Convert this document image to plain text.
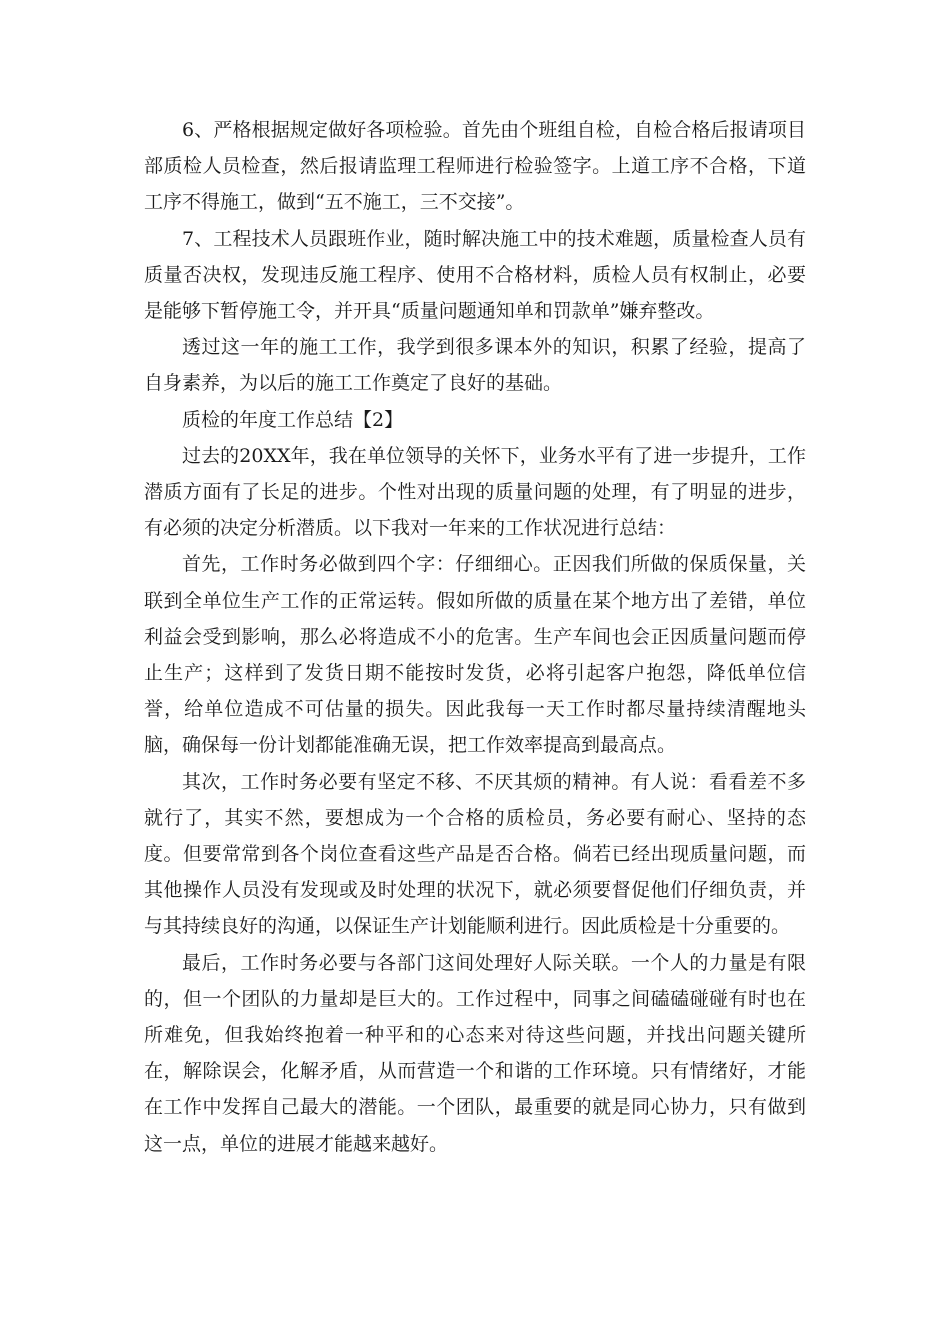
6、严格根据规定做好各项检验。首先由个班组自检，自检合格后报请项目部质检人员检查，然后报请监理工程师进行检验签字。上道工序不合格，下道工序不得施工，做到“五不施工，三不交接”。

7、工程技术人员跟班作业，随时解决施工中的技术难题，质量检查人员有质量否决权，发现违反施工程序、使用不合格材料，质检人员有权制止，必要是能够下暂停施工令，并开具“质量问题通知单和罚款单”嫌弃整改。

透过这一年的施工工作，我学到很多课本外的知识，积累了经验，提高了自身素养，为以后的施工工作奠定了良好的基础。

质检的年度工作总结【2】

过去的20XX年，我在单位领导的关怀下，业务水平有了进一步提升，工作潜质方面有了长足的进步。个性对出现的质量问题的处理，有了明显的进步，有必须的决定分析潜质。以下我对一年来的工作状况进行总结：

首先，工作时务必做到四个字：仔细细心。正因我们所做的保质保量，关联到全单位生产工作的正常运转。假如所做的质量在某个地方出了差错，单位利益会受到影响，那么必将造成不小的危害。生产车间也会正因质量问题而停止生产；这样到了发货日期不能按时发货，必将引起客户抱怨，降低单位信誉，给单位造成不可估量的损失。因此我每一天工作时都尽量持续清醒地头脑，确保每一份计划都能准确无误，把工作效率提高到最高点。

其次，工作时务必要有坚定不移、不厌其烦的精神。有人说：看看差不多就行了，其实不然，要想成为一个合格的质检员，务必要有耐心、坚持的态度。但要常常到各个岗位查看这些产品是否合格。倘若已经出现质量问题，而其他操作人员没有发现或及时处理的状况下，就必须要督促他们仔细负责，并与其持续良好的沟通，以保证生产计划能顺利进行。因此质检是十分重要的。

最后，工作时务必要与各部门这间处理好人际关联。一个人的力量是有限的，但一个团队的力量却是巨大的。工作过程中，同事之间磕磕碰碰有时也在所难免，但我始终抱着一种平和的心态来对待这些问题，并找出问题关键所在，解除误会，化解矛盾，从而营造一个和谐的工作环境。只有情绪好，才能在工作中发挥自己最大的潜能。一个团队，最重要的就是同心协力，只有做到这一点，单位的进展才能越来越好。
